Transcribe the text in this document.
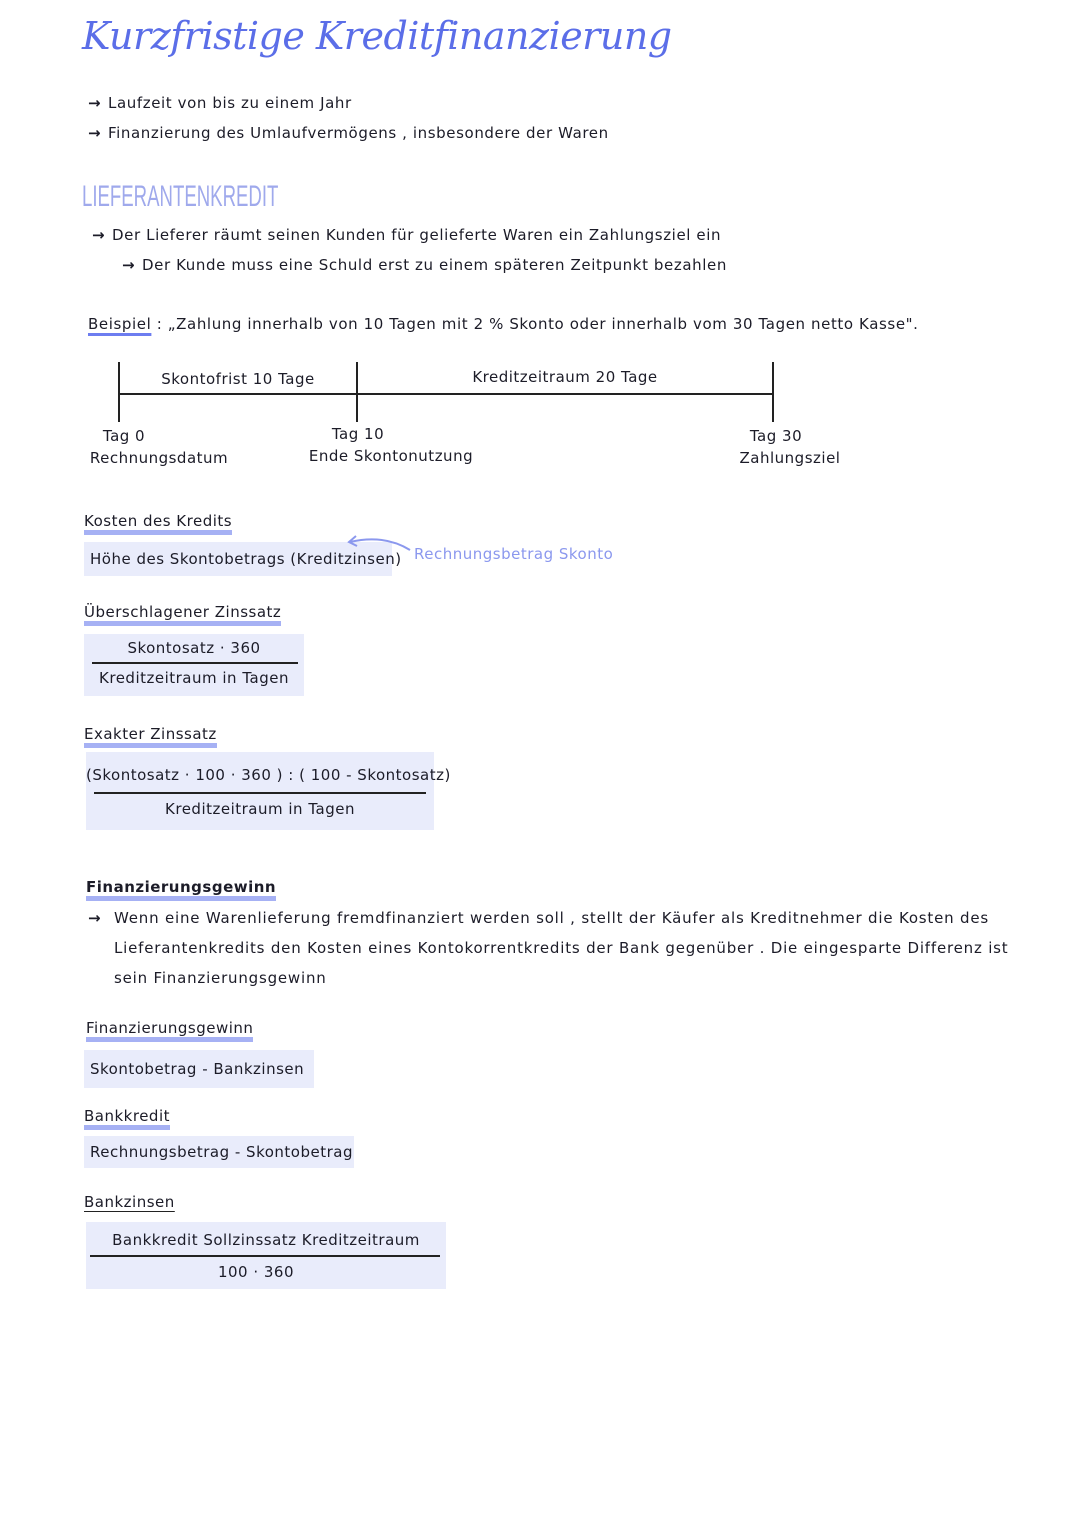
Kurzfristige Kreditfinanzierung
→ Laufzeit von bis zu einem Jahr
→ Finanzierung des Umlaufvermögens , insbesondere der Waren
LIEFERANTENKREDIT
→ Der Lieferer räumt seinen Kunden für gelieferte Waren ein Zahlungsziel ein
→ Der Kunde muss eine Schuld erst zu einem späteren Zeitpunkt bezahlen
Beispiel : „Zahlung innerhalb von 10 Tagen mit 2 % Skonto oder innerhalb vom 30 Tagen netto Kasse".
Skontofrist 10 Tage	Kreditzeitraum 20 Tage
Tag 0
Rechnungsdatum
Tag 10
Ende Skontonutzung
Tag 30
Zahlungsziel
Kosten des Kredits
Höhe des Skontobetrags (Kreditzinsen) Rechnungsbetrag Skonto
Überschlagener Zinssatz
Skontosatz · 360
Kreditzeitraum in Tagen
Exakter Zinssatz
(Skontosatz · 100 · 360 ) : ( 100 - Skontosatz)
Kreditzeitraum in Tagen
Finanzierungsgewinn
→ Wenn eine Warenlieferung fremdfinanziert werden soll , stellt der Käufer als Kreditnehmer die Kosten des Lieferantenkredits den Kosten eines Kontokorrentkredits der Bank gegenüber . Die eingesparte Differenz ist sein Finanzierungsgewinn
Finanzierungsgewinn
Skontobetrag - Bankzinsen
Bankkredit
Rechnungsbetrag - Skontobetrag
Bankzinsen
Bankkredit Sollzinssatz Kreditzeitraum
100 · 360
